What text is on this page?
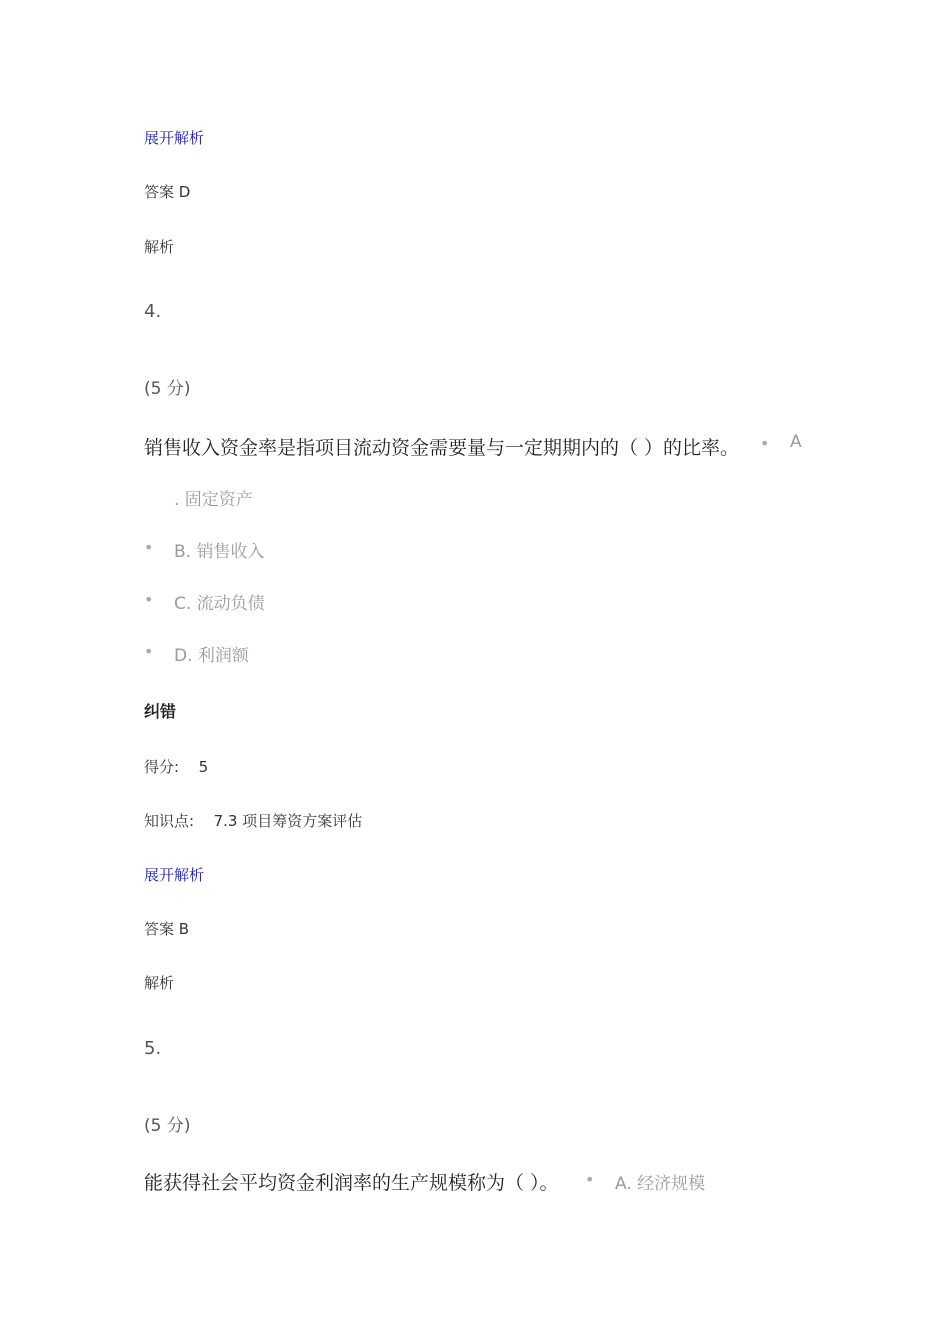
展开解析
答案 D
解析
4.
(5 分)
销售收入资金率是指项目流动资金需要量与一定期期内的（ ）的比率。 • A
. 固定资产
• B. 销售收入
• C. 流动负债
• D. 利润额
纠错
得分: 5
知识点: 7.3 项目筹资方案评估
展开解析
答案 B
解析
5.
(5 分)
能获得社会平均资金利润率的生产规模称为（ ）。 • A. 经济规模
